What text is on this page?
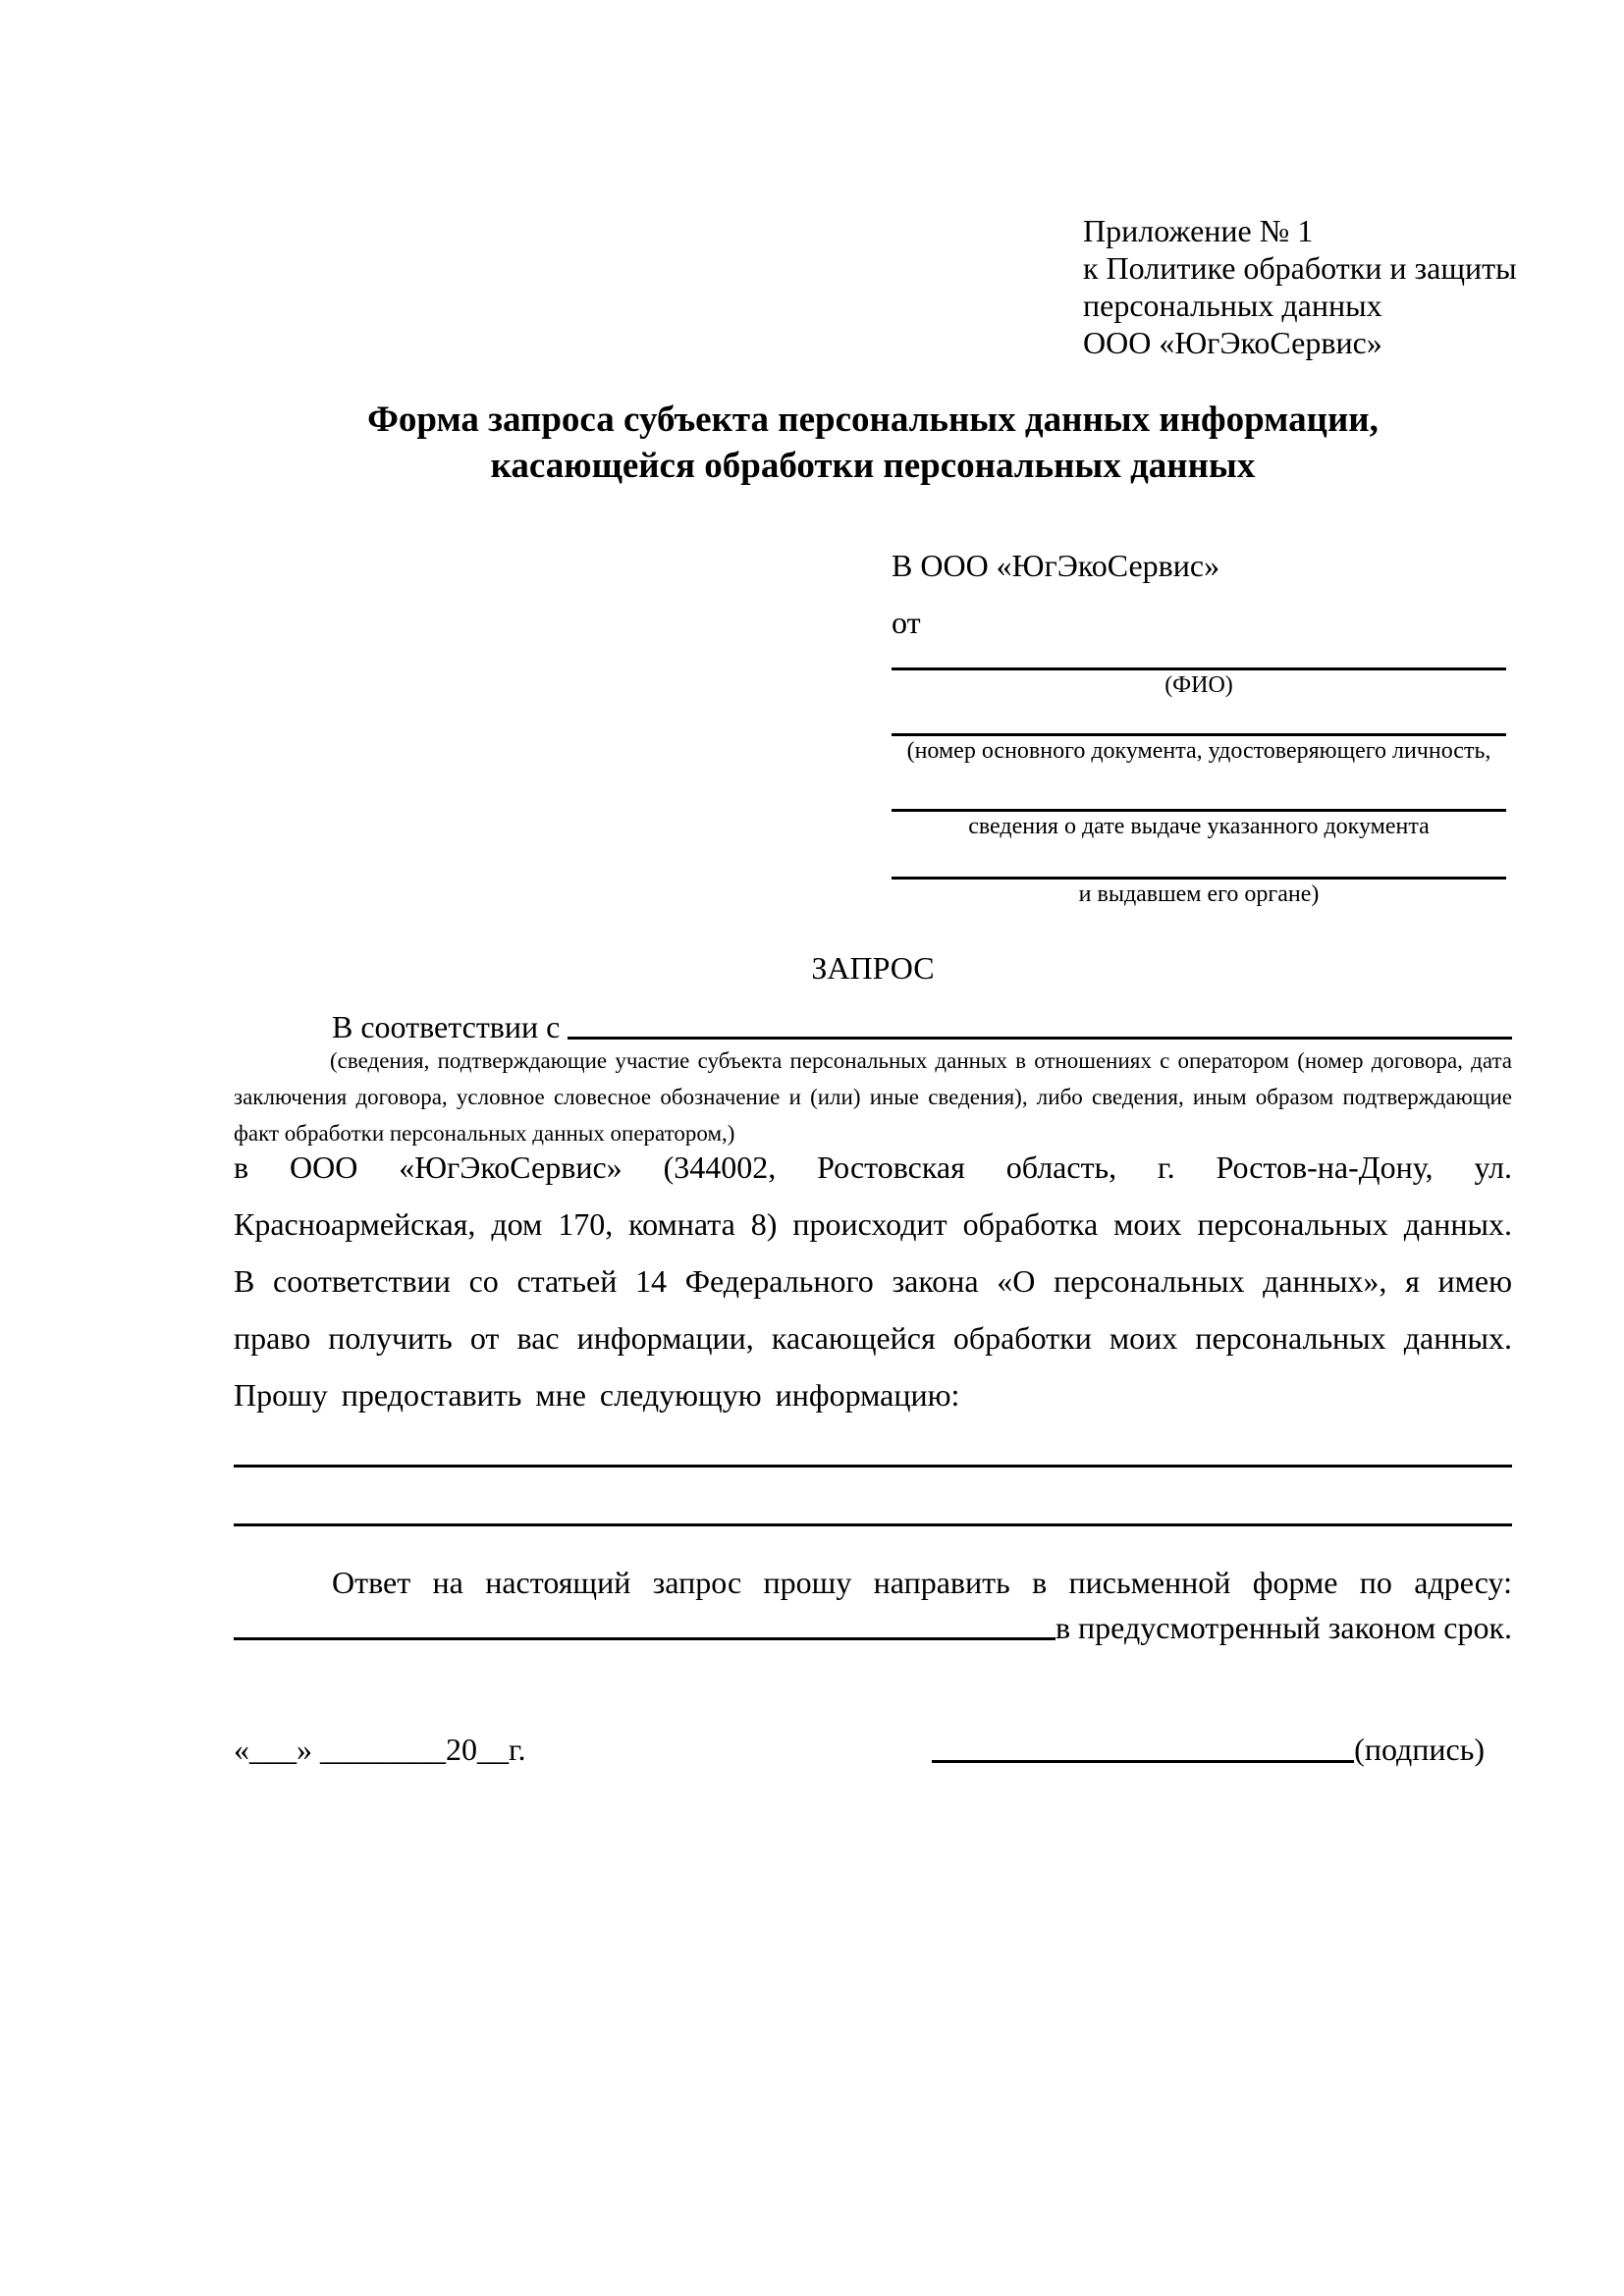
Приложение № 1
к Политике обработки и защиты
персональных данных
ООО «ЮгЭкоСервис»
Форма запроса субъекта персональных данных информации, касающейся обработки персональных данных
В ООО «ЮгЭкоСервис»
от
(ФИО)
(номер основного документа, удостоверяющего личность,
сведения о дате выдаче указанного документа
и выдавшем его органе)
ЗАПРОС
В соответствии с
(сведения, подтверждающие участие субъекта персональных данных в отношениях с оператором (номер договора, дата заключения договора, условное словесное обозначение и (или) иные сведения), либо сведения, иным образом подтверждающие факт обработки персональных данных оператором,)
в ООО «ЮгЭкоСервис» (344002, Ростовская область, г. Ростов-на-Дону, ул. Красноармейская, дом 170, комната 8) происходит обработка моих персональных данных. В соответствии со статьей 14 Федерального закона «О персональных данных», я имею право получить от вас информации, касающейся обработки моих персональных данных. Прошу предоставить мне следующую информацию:
Ответ на настоящий запрос прошу направить в письменной форме по адресу:
в предусмотренный законом срок.
«___» ________20__г.	(подпись)
